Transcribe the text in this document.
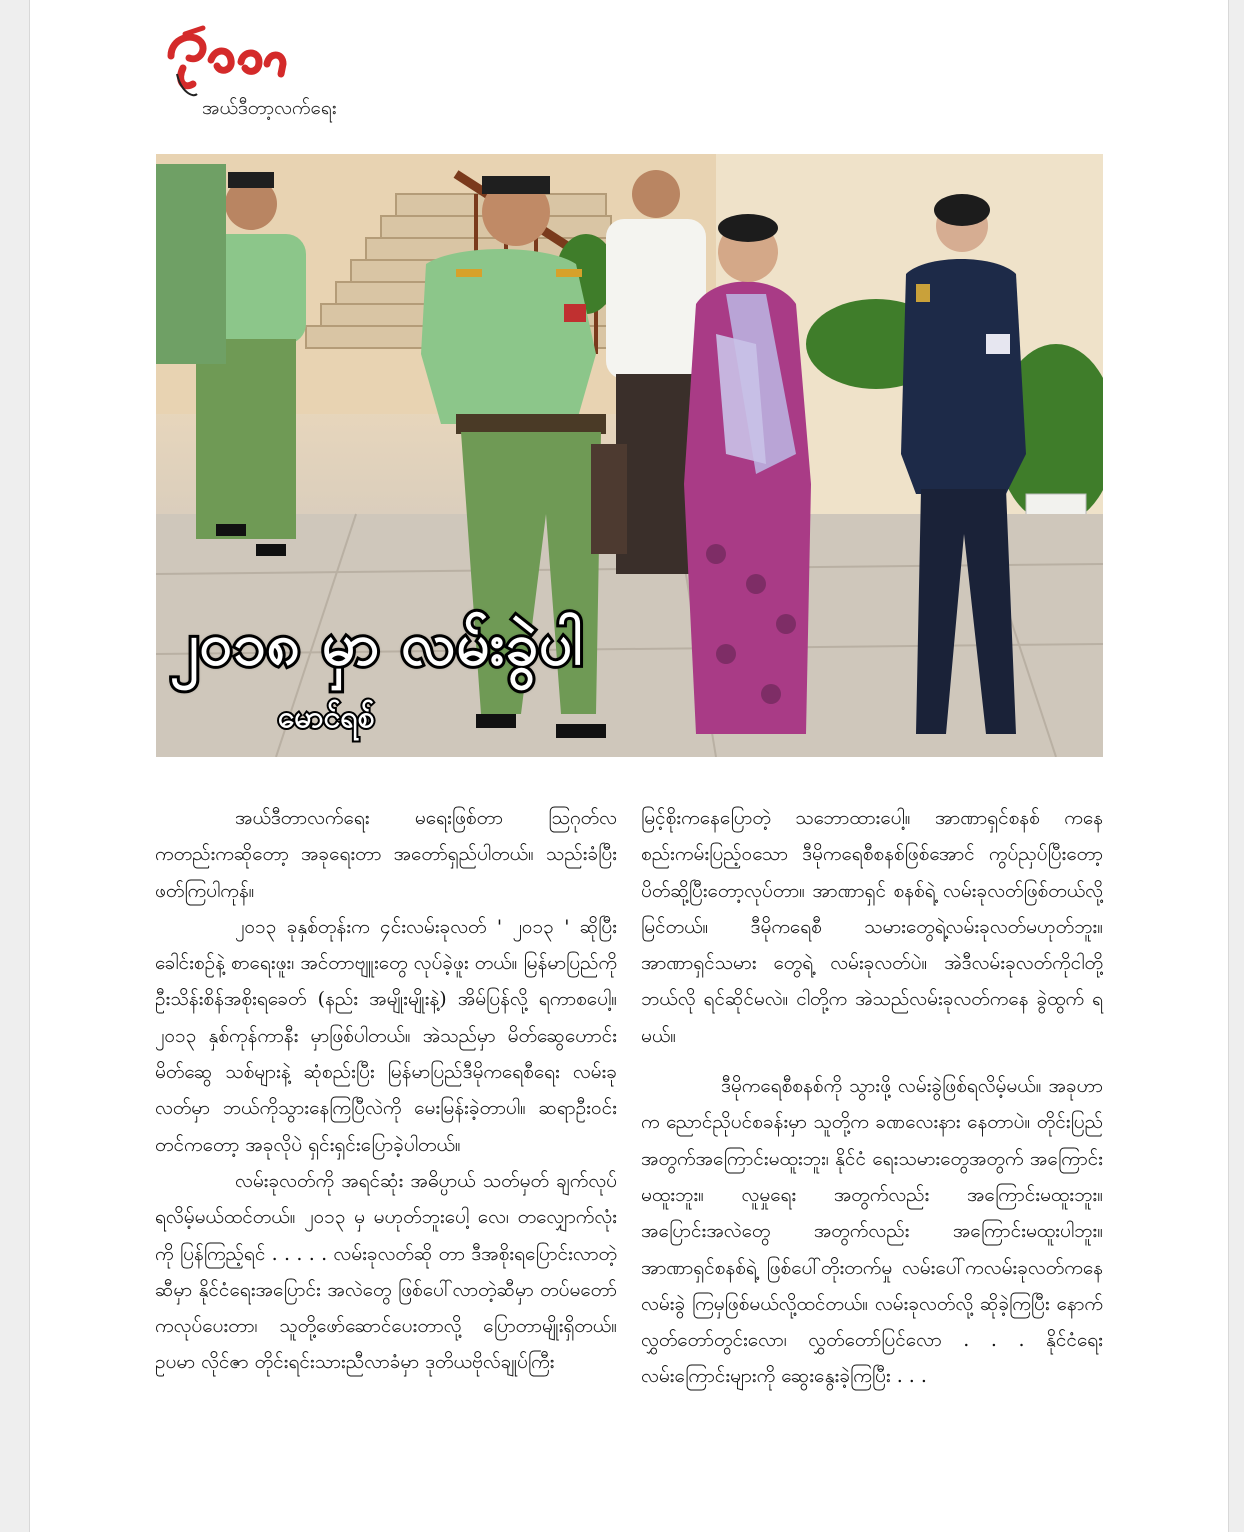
အယ်ဒီတာ့လက်ရေး
၂၀၁၈ မှာ လမ်းခွဲပါ
မောင်ရစ်

အယ်ဒီတာလက်ရေး မရေးဖြစ်တာ ဩဂုတ်လ ကတည်းကဆိုတော့ အခုရေးတာ အတော်ရှည်ပါတယ်။ သည်းခံပြီးဖတ်ကြပါကုန်။

၂၀၁၃ ခုနှစ်တုန်းက ၄င်းလမ်းခုလတ် ' ၂၀၁၃ ' ဆိုပြီး ခေါင်းစဉ်နဲ့ စာရေးဖူး၊ အင်တာဗျူးတွေ လုပ်ခဲ့ဖူး တယ်။ မြန်မာပြည်ကို ဦးသိန်းစိန်အစိုးရခေတ် (နည်း အမျိုးမျိုးနဲ့) အိမ်ပြန်လို့ ရကာစပေါ့။ ၂၀၁၃ နှစ်ကုန်ကာနီး မှာဖြစ်ပါတယ်။ အဲသည်မှာ မိတ်ဆွေဟောင်း မိတ်ဆွေ သစ်များနဲ့ ဆုံစည်းပြီး မြန်မာပြည်ဒီမိုကရေစီရေး လမ်းခု လတ်မှာ ဘယ်ကိုသွားနေကြပြီလဲကို မေးမြန်းခဲ့တာပါ။ ဆရာဦးဝင်းတင်ကတော့ အခုလိုပဲ ရှင်းရှင်းပြောခဲ့ပါတယ်။

လမ်းခုလတ်ကို အရင်ဆုံး အဓိပ္ပာယ် သတ်မှတ် ချက်လုပ်ရလိမ့်မယ်ထင်တယ်။ ၂၀၁၃ မှ မဟုတ်ဘူးပေါ့ လေ၊ တလျှောက်လုံးကို ပြန်ကြည့်ရင် . . . . . လမ်းခုလတ်ဆို တာ ဒီအစိုးရပြောင်းလာတဲ့ဆီမှာ နိုင်ငံရေးအပြောင်း အလဲတွေ ဖြစ်ပေါ်လာတဲ့ဆီမှာ တပ်မတော်ကလုပ်ပေးတာ၊ သူတို့ဖော်ဆောင်ပေးတာလို့ ပြောတာမျိုးရှိတယ်။ ဥပမာ လိုင်ဇာ တိုင်းရင်းသားညီလာခံမှာ ဒုတိယဗိုလ်ချုပ်ကြီး

မြင့်စိုးကနေပြောတဲ့ သဘောထားပေါ့။ အာဏာရှင်စနစ် ကနေ စည်းကမ်းပြည့်ဝသော ဒီမိုကရေစီစနစ်ဖြစ်အောင် ကွပ်ညှပ်ပြီးတော့ ပိတ်ဆို့ပြီးတော့လုပ်တာ။ အာဏာရှင် စနစ်ရဲ့ လမ်းခုလတ်ဖြစ်တယ်လို့ မြင်တယ်။ ဒီမိုကရေစီ သမားတွေရဲ့လမ်းခုလတ်မဟုတ်ဘူး။ အာဏာရှင်သမား တွေရဲ့ လမ်းခုလတ်ပဲ။ အဲဒီလမ်းခုလတ်ကိုငါတို့ ဘယ်လို ရင်ဆိုင်မလဲ။ ငါတို့က အဲသည်လမ်းခုလတ်ကနေ ခွဲထွက် ရမယ်။

ဒီမိုကရေစီစနစ်ကို သွားဖို့ လမ်းခွဲဖြစ်ရလိမ့်မယ်။ အခုဟာက ညောင်ညိုပင်စခန်းမှာ သူတို့က ခဏလေးနား နေတာပဲ။ တိုင်းပြည်အတွက်အကြောင်းမထူးဘူး၊ နိုင်ငံ ရေးသမားတွေအတွက် အကြောင်းမထူးဘူး။ လူမှုရေး အတွက်လည်း အကြောင်းမထူးဘူး။ အပြောင်းအလဲတွေ အတွက်လည်း အကြောင်းမထူးပါဘူး။ အာဏာရှင်စနစ်ရဲ့ ဖြစ်ပေါ်တိုးတက်မှု လမ်းပေါ်ကလမ်းခုလတ်ကနေ လမ်းခွဲ ကြမှဖြစ်မယ်လို့ထင်တယ်။ လမ်းခုလတ်လို့ ဆိုခဲ့ကြပြီး နောက် လွှတ်တော်တွင်းလော၊ လွှတ်တော်ပြင်လော . . . နိုင်ငံရေးလမ်းကြောင်းများကို ဆွေးနွေးခဲ့ကြပြီး . . .
